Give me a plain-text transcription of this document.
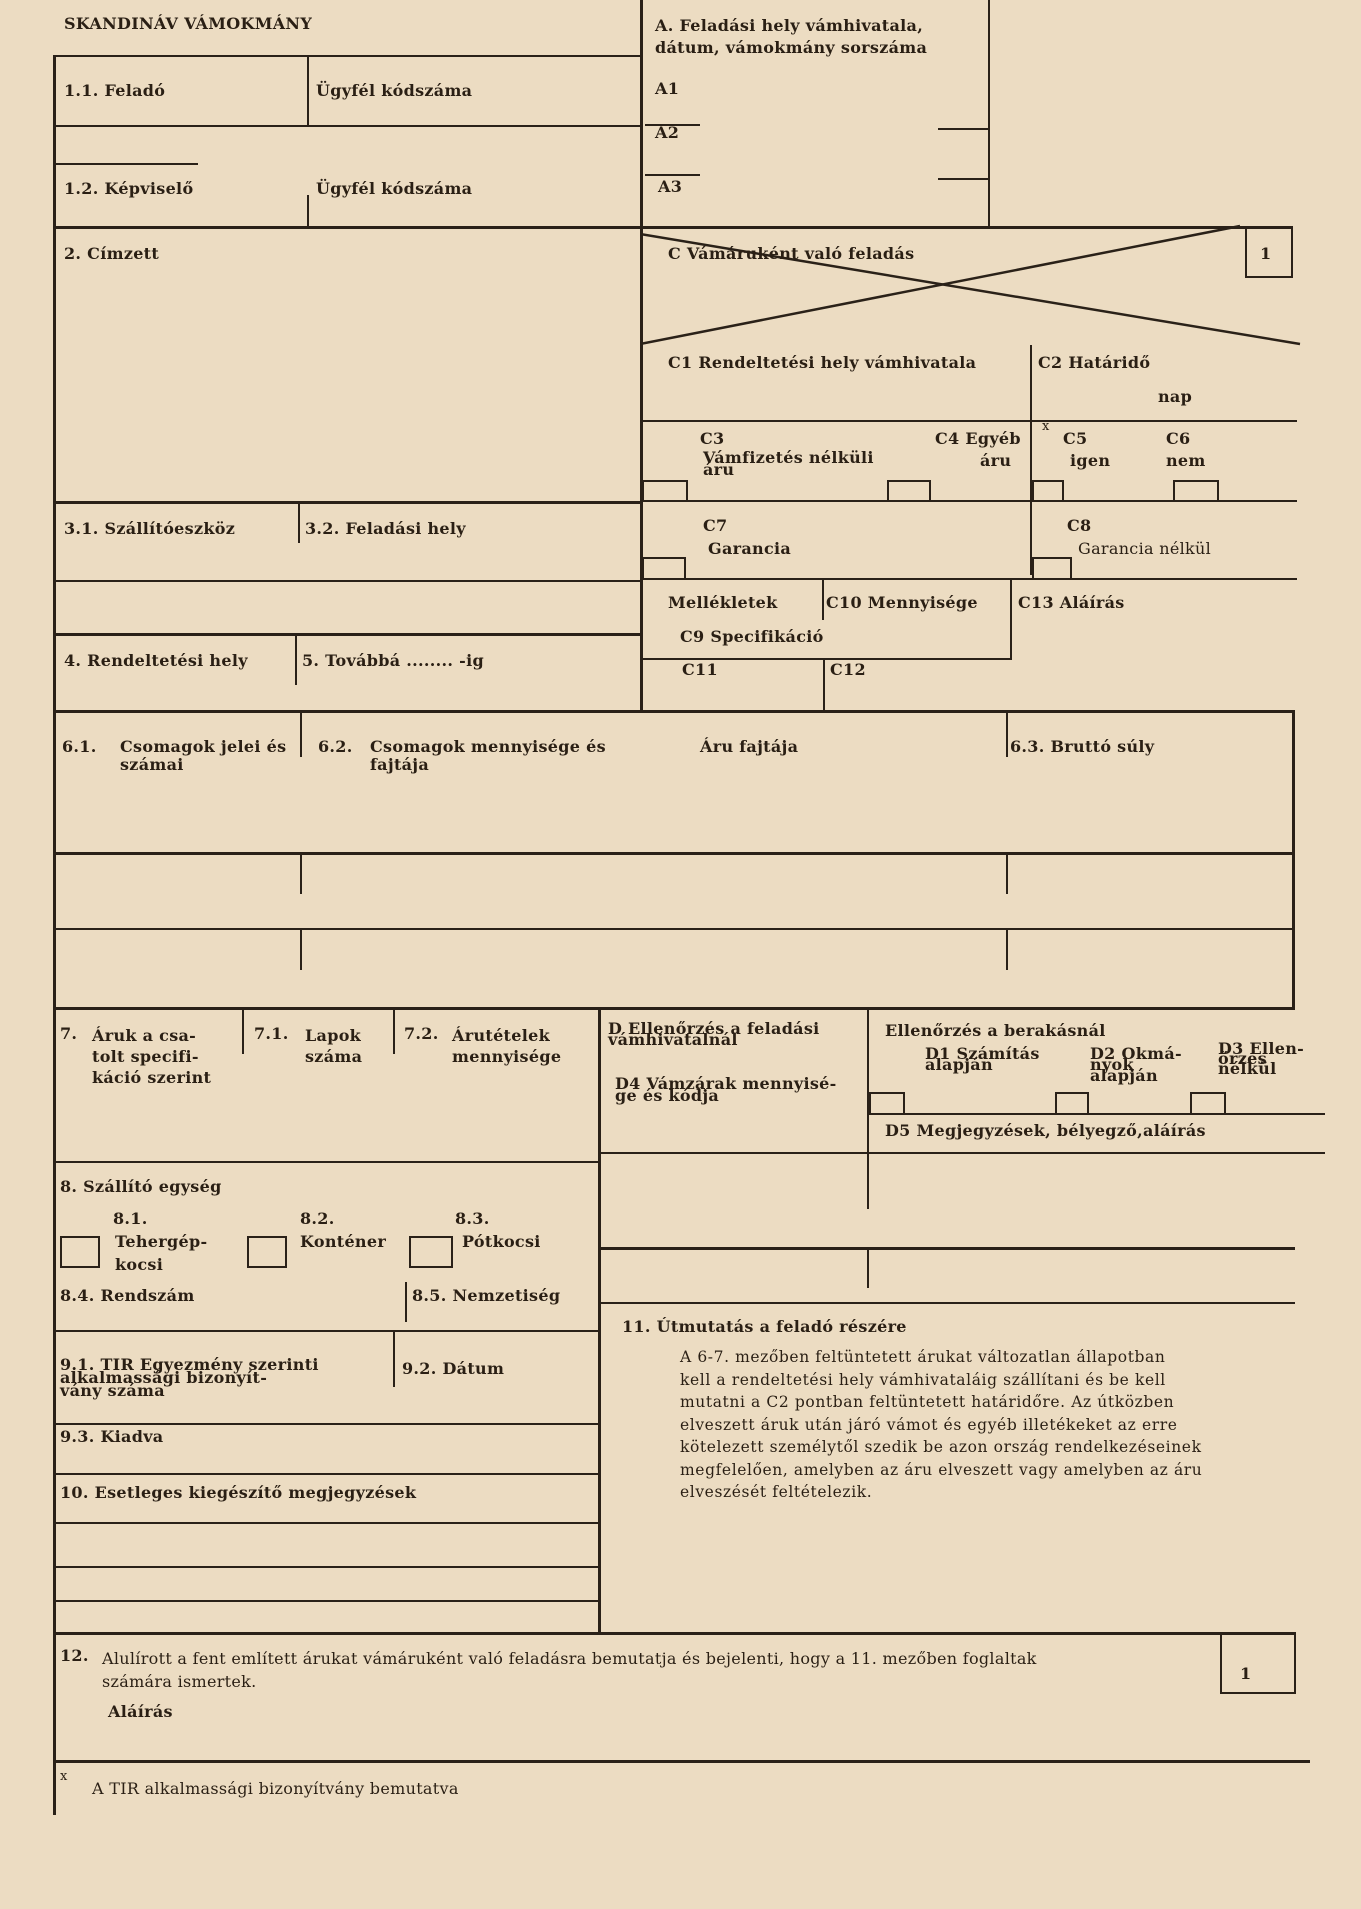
SKANDINÁV VÁMOKMÁNY	A. Feladási hely vámhivatala,
dátum, vámokmány sorszáma
A1
A2
A3
1.1. Feladó	Ügyfél kódszáma
1.2. Képviselő	Ügyfél kódszáma
2. Címzett	C Vámáruként való feladás	1
C1 Rendeltetési hely vámhivatala	C2 Határidő
nap
C3
Vámfizetés nélküli
áru
C4 Egyéb
áru
x
C5
igen
C6
nem
C7
Garancia
C8
Garancia nélkül
Mellékletek	C10 Mennyisége	C13 Aláírás
C9 Specifikáció
C11	C12
3.1. Szállítóeszköz	3.2. Feladási hely
4. Rendeltetési hely	5. Továbbá ........ -ig
6.1. Csomagok jelei és
számai
6.2. Csomagok mennyisége és
fajtája
Áru fajtája	6.3. Bruttó súly
7. Áruk a csa-
tolt specifi-
káció szerint
7.1. Lapok
száma
7.2. Árutételek
mennyisége
D Ellenőrzés a feladási
vámhivatalnál	Ellenőrzés a berakásnál
D1 Számítás
alapján
D2 Okmá-
nyok
alapján
D3 Ellen-
őrzés
nélkül
D4 Vámzárak mennyisé-
ge és kódja
D5 Megjegyzések, bélyegző,aláírás
8. Szállító egység
8.1.
Tehergép-
kocsi
8.2.
Konténer
8.3.
Pótkocsi
8.4. Rendszám	8.5. Nemzetiség
9.1. TIR Egyezmény szerinti
alkalmassági bizonyít-
vány száma
9.2. Dátum
9.3. Kiadva
10. Esetleges kiegészítő megjegyzések
11. Útmutatás a feladó részére
A 6-7. mezőben feltüntetett árukat változatlan állapotban
kell a rendeltetési hely vámhivataláig szállítani és be kell
mutatni a C2 pontban feltüntetett határidőre. Az útközben
elveszett áruk után járó vámot és egyéb illetékeket az erre
kötelezett személytől szedik be azon ország rendelkezéseinek
megfelelően, amelyben az áru elveszett vagy amelyben az áru
elveszését feltételezik.
12. Alulírott a fent említett árukat vámáruként való feladásra bemutatja és bejelenti, hogy a 11. mezőben foglaltak
számára ismertek.	1
Aláírás
x
A TIR alkalmassági bizonyítvány bemutatva
